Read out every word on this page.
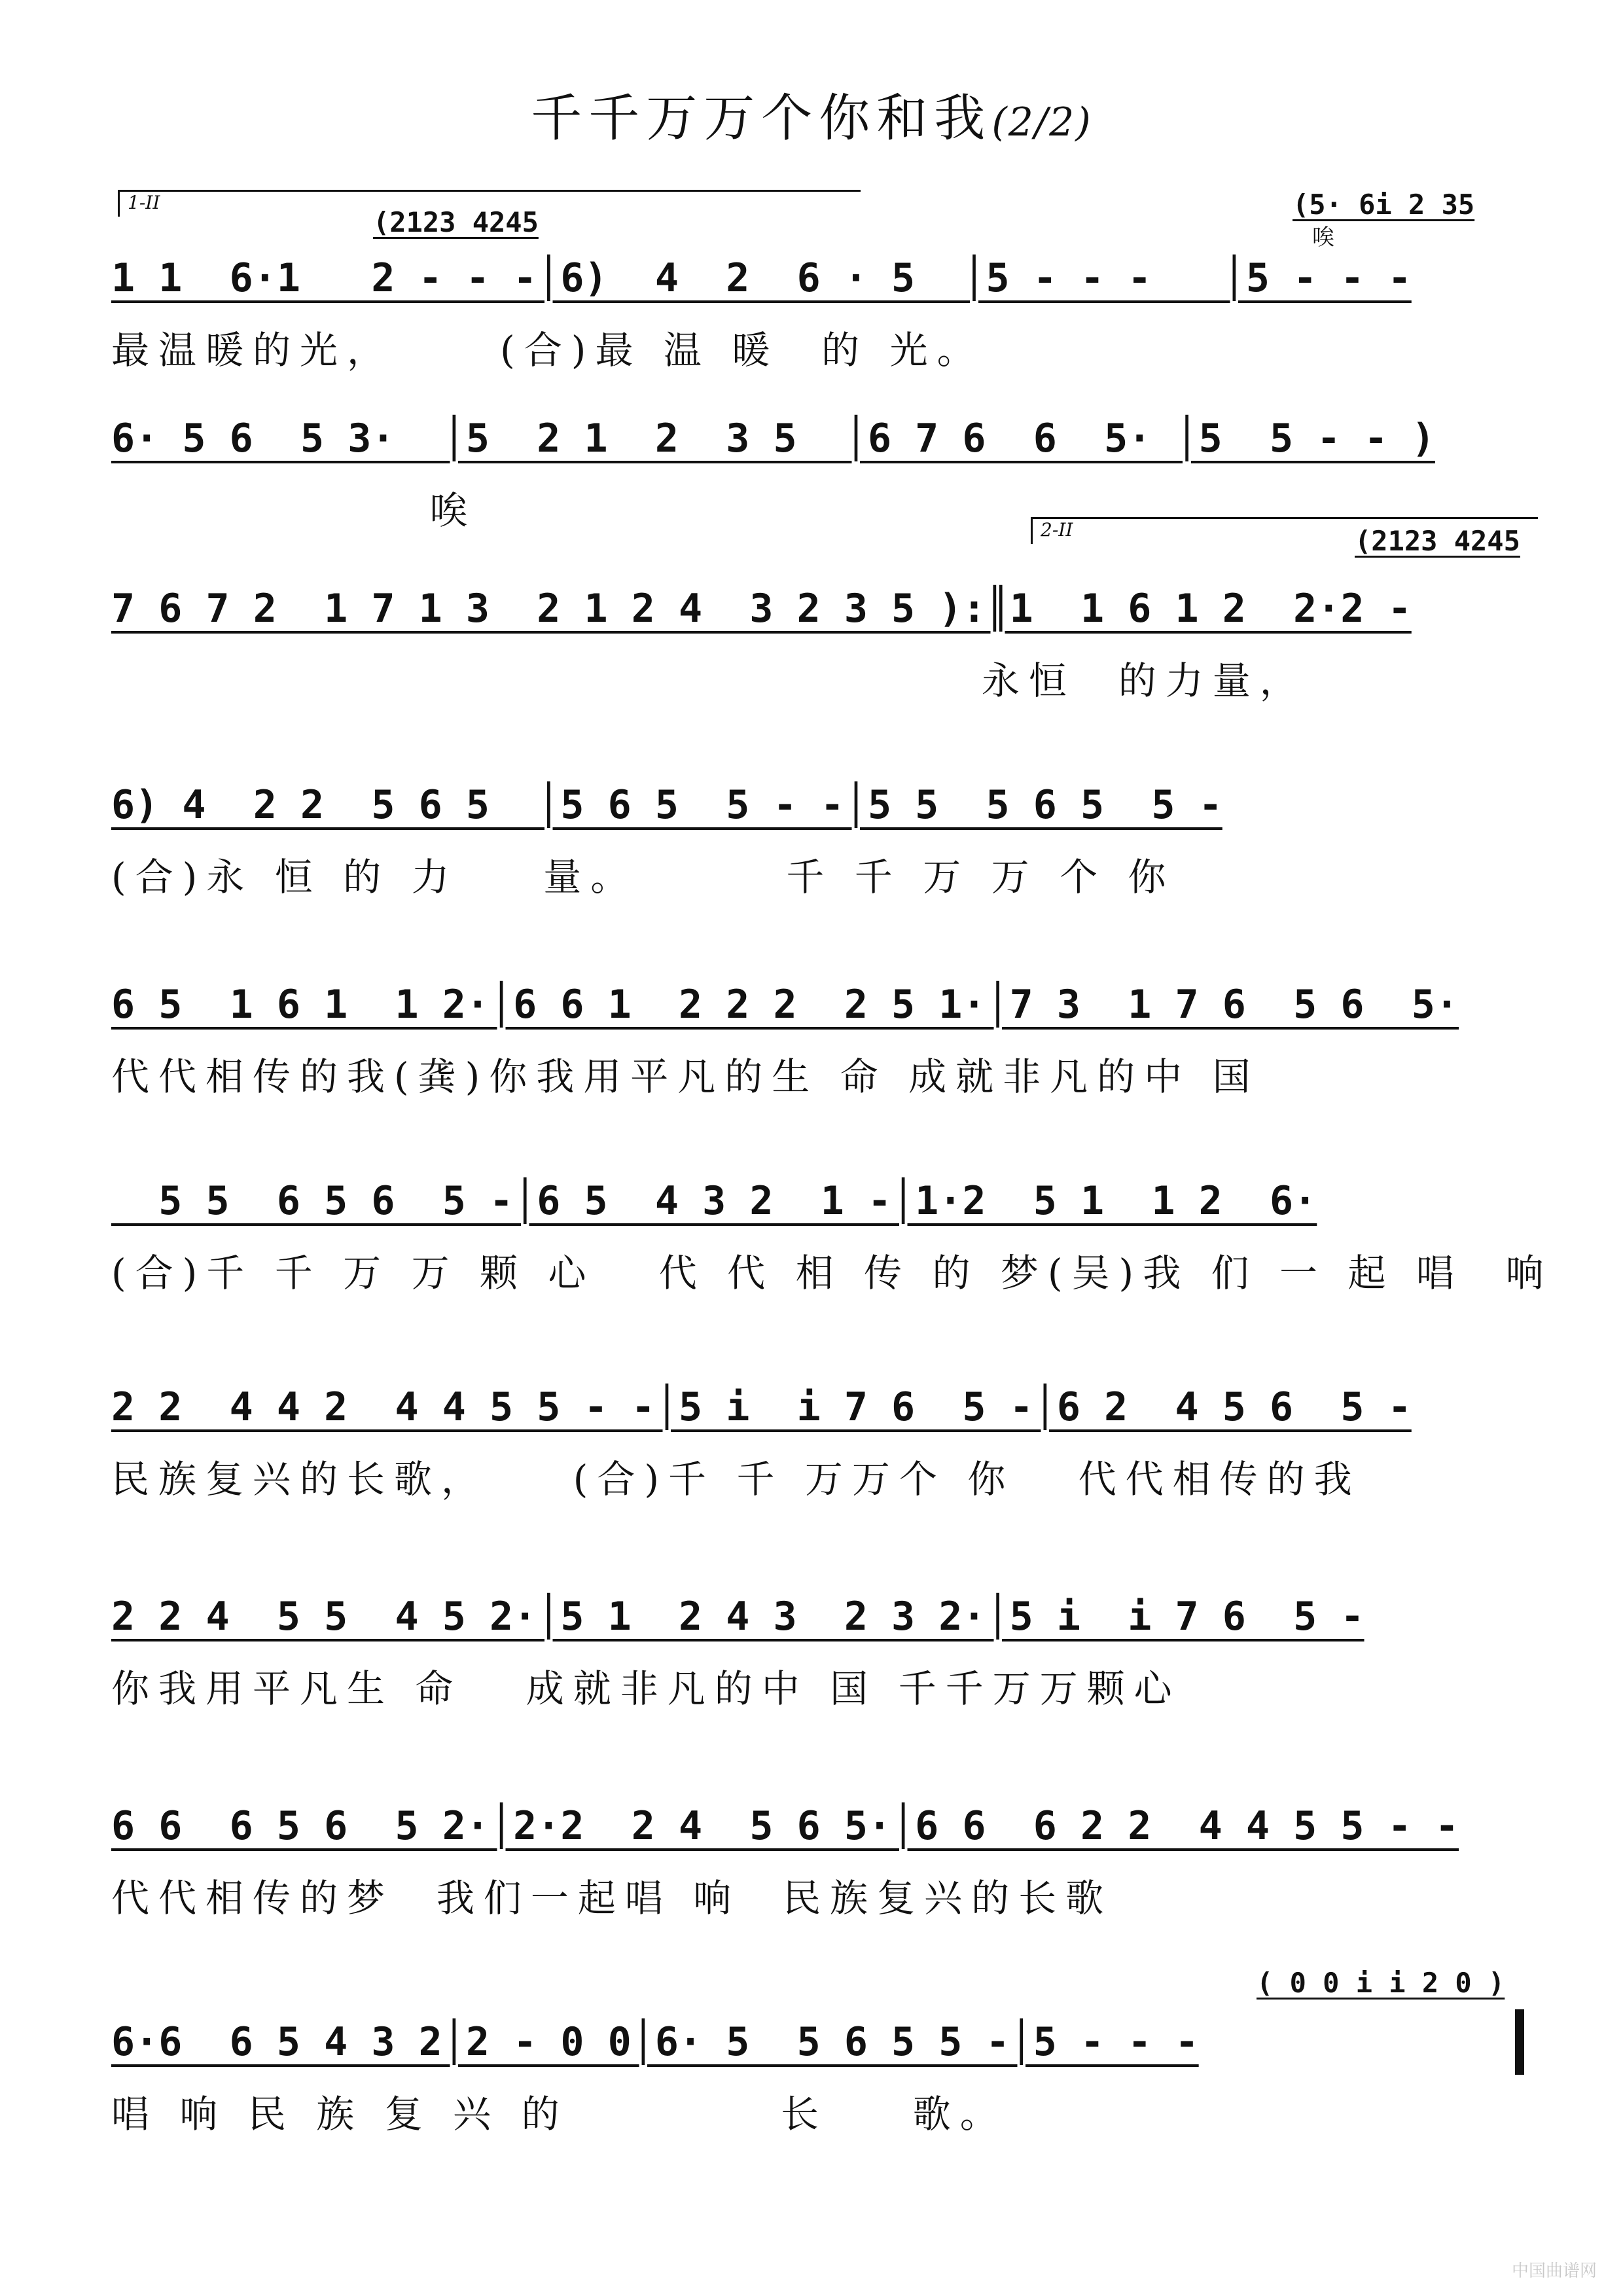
千千万万个你和我(2/2)
1-II	(5· 6i 2 35
唉
(2123 4245
1 1  6·1   2 - - -│6)  4  2  6 · 5  │5 - - -   │5 - - -
最温暖的光，     (合)最 温 暖  的 光。
6· 5 6  5 3·  │5  2 1  2  3 5  │6 7 6  6  5· │5  5 - - )
唉	2-II	(2123 4245
7 6 7 2  1 7 1 3  2 1 2 4  3 2 3 5 ):║1  1 6 1 2  2·2 -
永恒  的力量，
6) 4  2 2  5 6 5  │5 6 5  5 - -│5 5  5 6 5  5 -
(合)永 恒 的 力    量。       千 千 万 万 个 你
6 5  1 6 1  1 2·│6 6 1  2 2 2  2 5 1·│7 3  1 7 6  5 6  5·
代代相传的我(龚)你我用平凡的生 命 成就非凡的中 国
5 5  6 5 6  5 -│6 5  4 3 2  1 -│1·2  5 1  1 2  6·
(合)千 千 万 万 颗 心   代 代 相 传 的 梦(吴)我 们 一 起 唱  响
2 2  4 4 2  4 4 5 5 - -│5 i  i 7 6  5 -│6 2  4 5 6  5 -
民族复兴的长歌，    (合)千 千 万万个 你   代代相传的我
2 2 4  5 5  4 5 2·│5 1  2 4 3  2 3 2·│5 i  i 7 6  5 -
你我用平凡生 命   成就非凡的中 国 千千万万颗心
6 6  6 5 6  5 2·│2·2  2 4  5 6 5·│6 6  6 2 2  4 4 5 5 - -
代代相传的梦  我们一起唱 响  民族复兴的长歌
( 0 0 i i 2 0 )
6·6  6 5 4 3 2│2 - 0 0│6· 5  5 6 5 5 -│5 - - -
唱 响 民 族 复 兴 的          长    歌。
中国曲谱网
